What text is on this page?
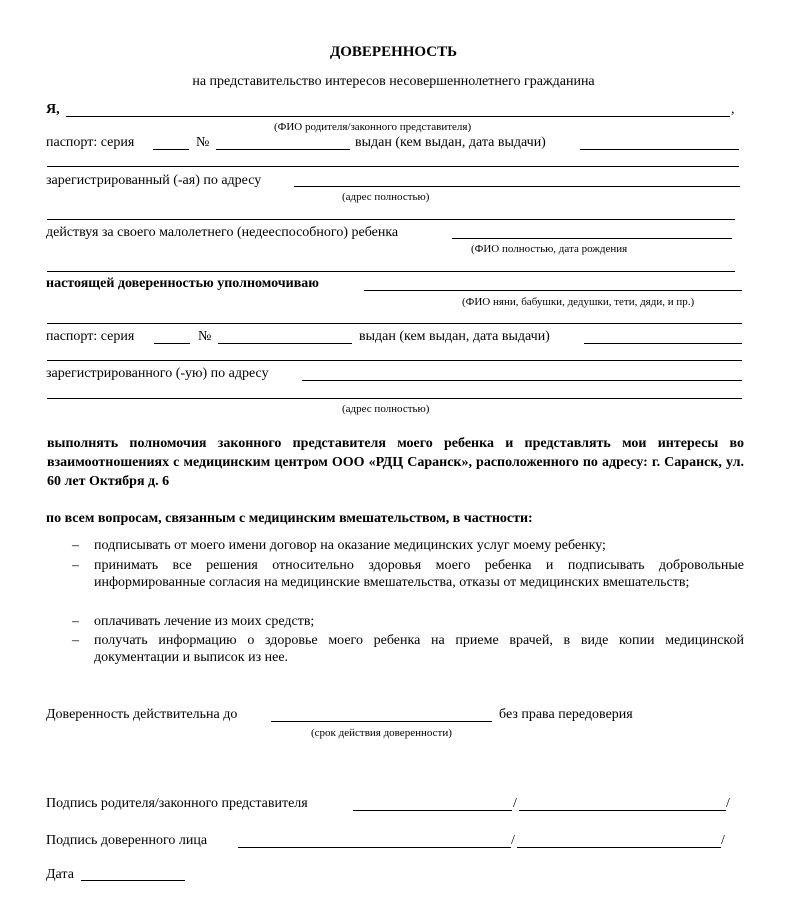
ДОВЕРЕННОСТЬ
на представительство интересов несовершеннолетнего гражданина
Я,	,
(ФИО родителя/законного представителя)
паспорт: серия	№	выдан (кем выдан, дата выдачи)
зарегистрированный (-ая) по адресу
(адрес полностью)
действуя за своего малолетнего (недееспособного) ребенка
(ФИО полностью, дата рождения
настоящей доверенностью уполномочиваю
(ФИО няни, бабушки, дедушки, тети, дяди, и пр.)
паспорт: серия	№	выдан (кем выдан, дата выдачи)
зарегистрированного (-ую) по адресу
(адрес полностью)
выполнять полномочия законного представителя моего ребенка и представлять мои интересы во взаимоотношениях с медицинским центром ООО «РДЦ Саранск», расположенного по адресу: г. Саранск, ул. 60 лет Октября д. 6
по всем вопросам, связанным с медицинским вмешательством, в частности:
– подписывать от моего имени договор на оказание медицинских услуг моему ребенку;
– принимать все решения относительно здоровья моего ребенка и подписывать добровольные информированные согласия на медицинские вмешательства, отказы от медицинских вмешательств;
– оплачивать лечение из моих средств;
– получать информацию о здоровье моего ребенка на приеме врачей, в виде копии медицинской документации и выписок из нее.
Доверенность действительна до	без права передоверия
(срок действия доверенности)
Подпись родителя/законного представителя	/	/
Подпись доверенного лица	/	/
Дата
